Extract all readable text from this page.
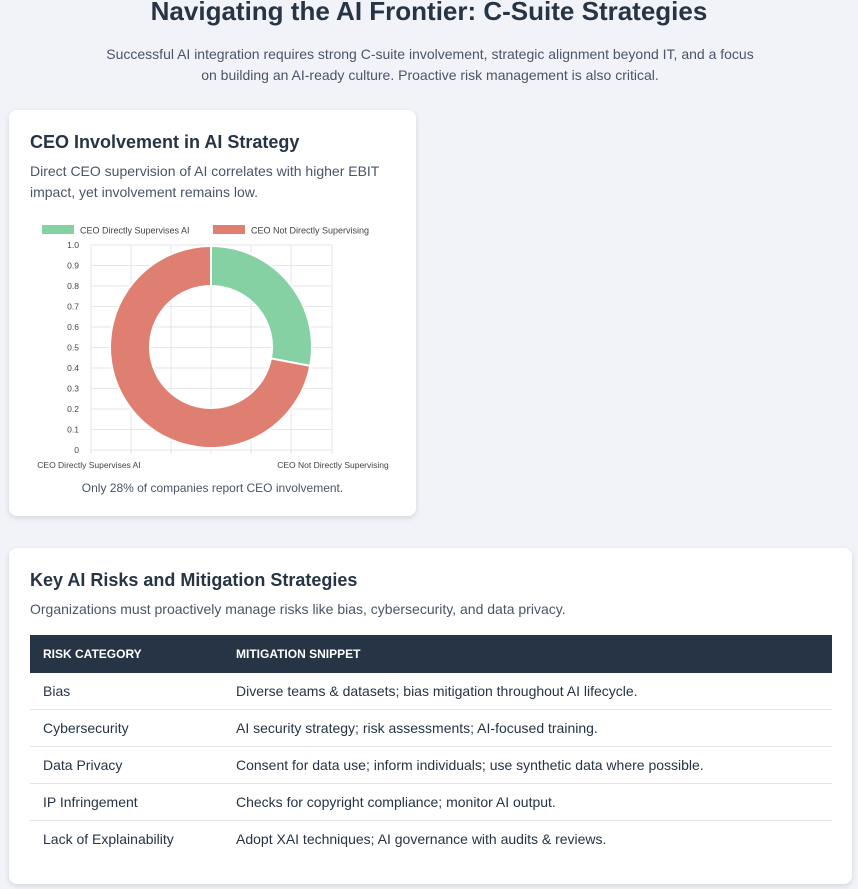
Navigating the AI Frontier: C-Suite Strategies

Successful AI integration requires strong C-suite involvement, strategic alignment beyond IT, and a focus on building an AI-ready culture. Proactive risk management is also critical.

CEO Involvement in AI Strategy

Direct CEO supervision of AI correlates with higher EBIT impact, yet involvement remains low.

1.0
0.9
0.8
0.7
0.6
0.5
0.4
0.3
0.2
0.1
0
CEO Directly Supervises AI	CEO Not Directly Supervising
CEO Directly Supervises AI	CEO Not Directly Supervising

Only 28% of companies report CEO involvement.

Key AI Risks and Mitigation Strategies

Organizations must proactively manage risks like bias, cybersecurity, and data privacy.

RISK CATEGORY	MITIGATION SNIPPET
Bias	Diverse teams & datasets; bias mitigation throughout AI lifecycle.
Cybersecurity	AI security strategy; risk assessments; AI-focused training.
Data Privacy	Consent for data use; inform individuals; use synthetic data where possible.
IP Infringement	Checks for copyright compliance; monitor AI output.
Lack of Explainability	Adopt XAI techniques; AI governance with audits & reviews.
